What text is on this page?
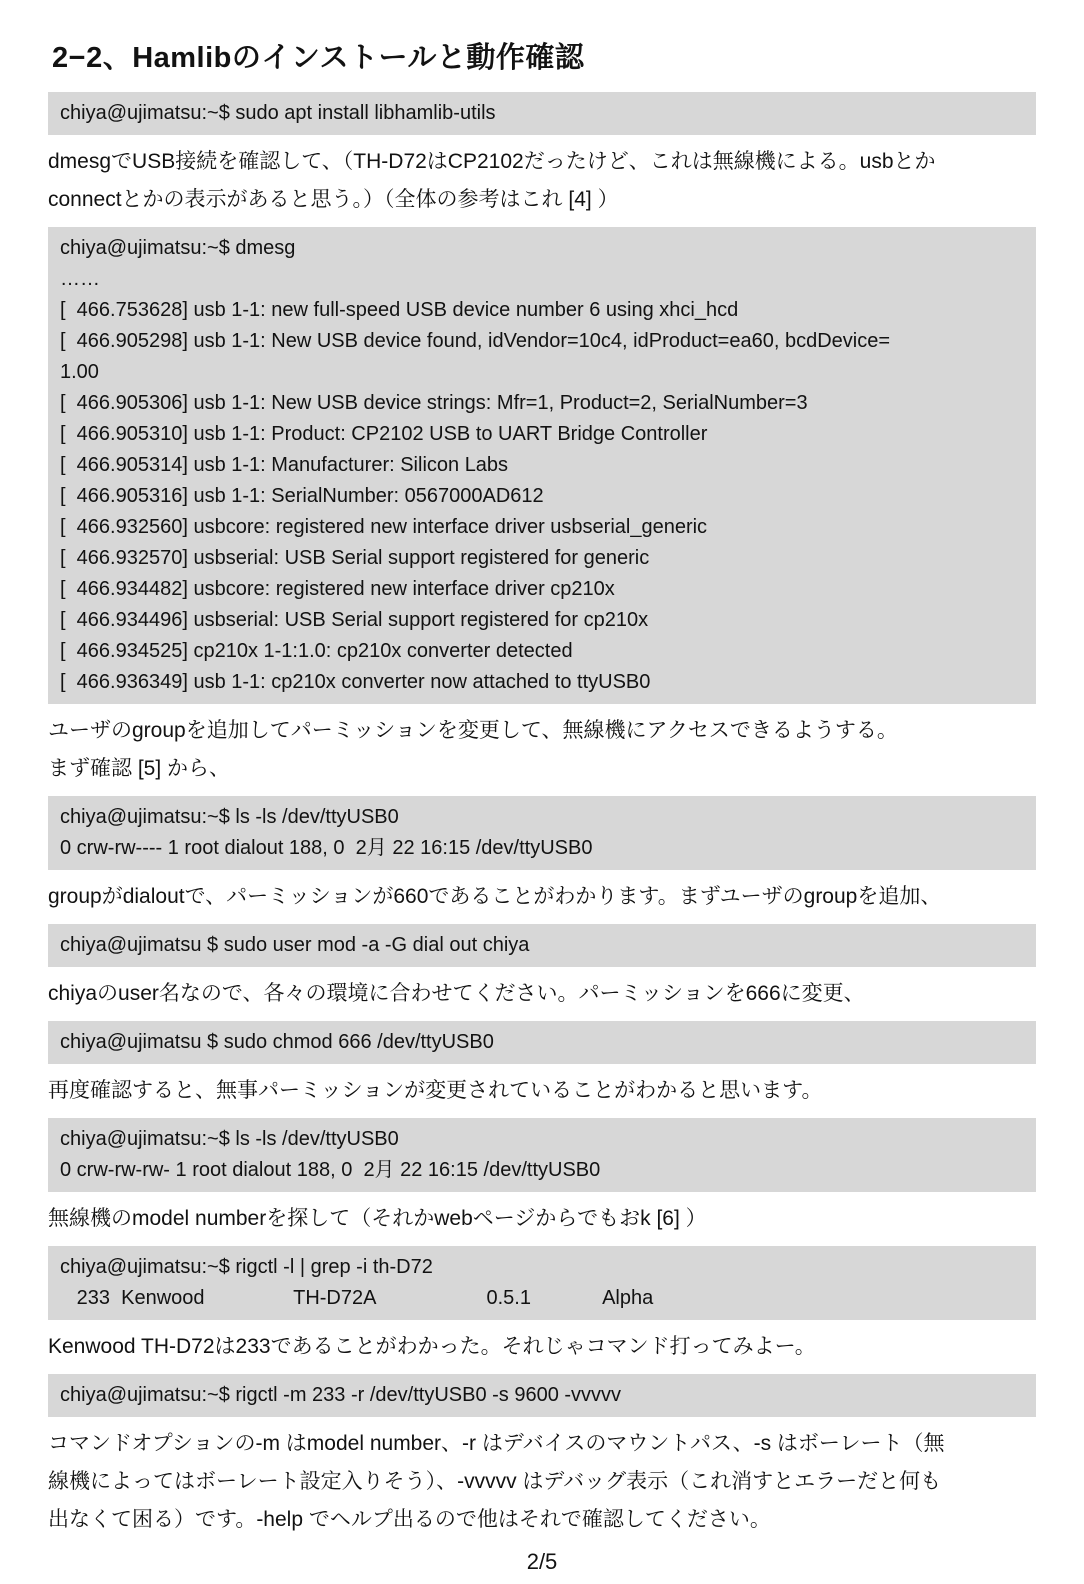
2−2、Hamlibのインストールと動作確認
chiya@ujimatsu:~$ sudo apt install libhamlib-utils
dmesgでUSB接続を確認して、（TH-D72はCP2102だったけど、これは無線機による。usbとか
connectとかの表示があると思う。）（全体の参考はこれ [4] ）
chiya@ujimatsu:~$ dmesg
……
[  466.753628] usb 1-1: new full-speed USB device number 6 using xhci_hcd
[  466.905298] usb 1-1: New USB device found, idVendor=10c4, idProduct=ea60, bcdDevice=
1.00
[  466.905306] usb 1-1: New USB device strings: Mfr=1, Product=2, SerialNumber=3
[  466.905310] usb 1-1: Product: CP2102 USB to UART Bridge Controller
[  466.905314] usb 1-1: Manufacturer: Silicon Labs
[  466.905316] usb 1-1: SerialNumber: 0567000AD612
[  466.932560] usbcore: registered new interface driver usbserial_generic
[  466.932570] usbserial: USB Serial support registered for generic
[  466.934482] usbcore: registered new interface driver cp210x
[  466.934496] usbserial: USB Serial support registered for cp210x
[  466.934525] cp210x 1-1:1.0: cp210x converter detected
[  466.936349] usb 1-1: cp210x converter now attached to ttyUSB0
ユーザのgroupを追加してパーミッションを変更して、無線機にアクセスできるようする。
まず確認 [5] から、
chiya@ujimatsu:~$ ls -ls /dev/ttyUSB0
0 crw-rw---- 1 root dialout 188, 0  2月 22 16:15 /dev/ttyUSB0
groupがdialoutで、パーミッションが660であることがわかります。まずユーザのgroupを追加、
chiya@ujimatsu $ sudo user mod -a -G dial out chiya
chiyaのuser名なので、各々の環境に合わせてください。パーミッションを666に変更、
chiya@ujimatsu $ sudo chmod 666 /dev/ttyUSB0
再度確認すると、無事パーミッションが変更されていることがわかると思います。
chiya@ujimatsu:~$ ls -ls /dev/ttyUSB0
0 crw-rw-rw- 1 root dialout 188, 0  2月 22 16:15 /dev/ttyUSB0
無線機のmodel numberを探して（それかwebページからでもおk [6] ）
chiya@ujimatsu:~$ rigctl -l | grep -i th-D72
233  Kenwood                TH-D72A                    0.5.1             Alpha
Kenwood TH-D72は233であることがわかった。それじゃコマンド打ってみよー。
chiya@ujimatsu:~$ rigctl -m 233 -r /dev/ttyUSB0 -s 9600 -vvvvv
コマンドオプションの-m はmodel number、-r はデバイスのマウントパス、-s はボーレート（無
線機によってはボーレート設定入りそう）、-vvvvv はデバッグ表示（これ消すとエラーだと何も
出なくて困る）です。-help でヘルプ出るので他はそれで確認してください。
2/5
